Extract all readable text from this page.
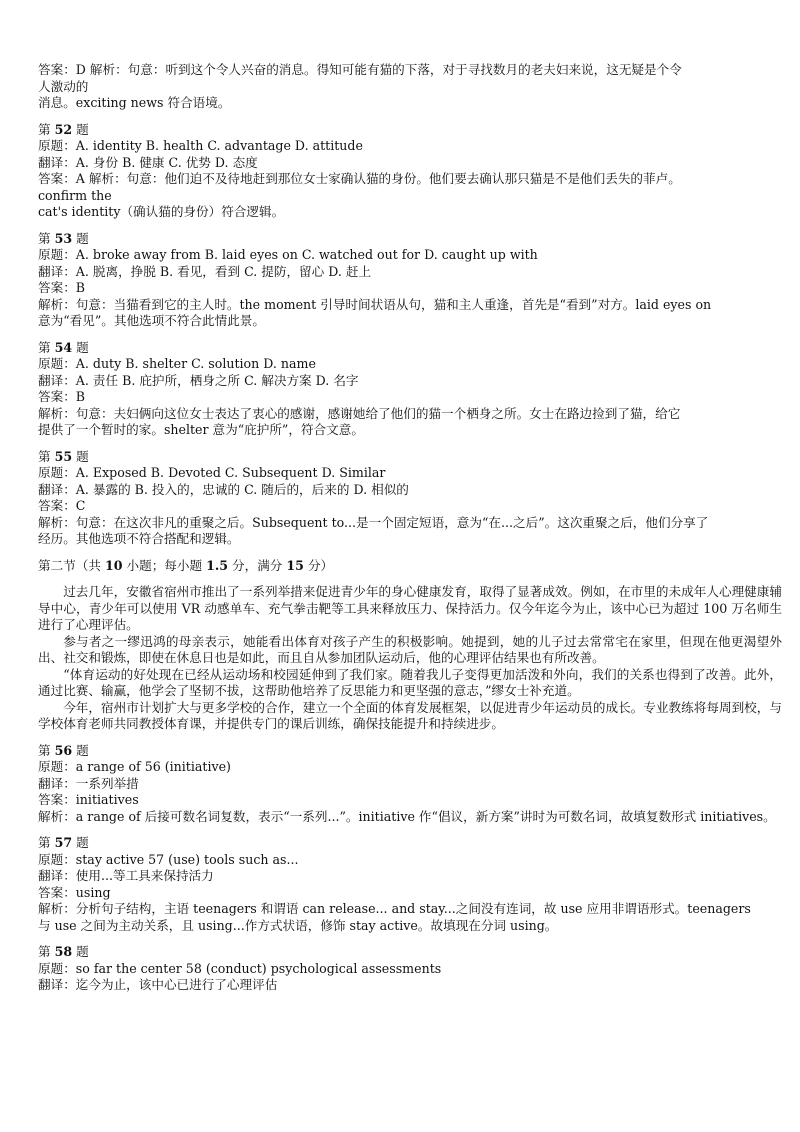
答案：D 解析：句意：听到这个令人兴奋的消息。得知可能有猫的下落，对于寻找数月的老夫妇来说，这无疑是个令

人激动的

消息。exciting news 符合语境。

第 52 题

原题：A. identity B. health C. advantage D. attitude

翻译：A. 身份 B. 健康 C. 优势 D. 态度

答案：A 解析：句意：他们迫不及待地赶到那位女士家确认猫的身份。他们要去确认那只猫是不是他们丢失的菲卢。

confirm the

cat's identity（确认猫的身份）符合逻辑。

第 53 题

原题：A. broke away from B. laid eyes on C. watched out for D. caught up with

翻译：A. 脱离，挣脱 B. 看见，看到 C. 提防，留心 D. 赶上

答案：B

解析：句意：当猫看到它的主人时。the moment 引导时间状语从句，猫和主人重逢，首先是“看到”对方。laid eyes on

意为“看见”。其他选项不符合此情此景。

第 54 题

原题：A. duty B. shelter C. solution D. name

翻译：A. 责任 B. 庇护所，栖身之所 C. 解决方案 D. 名字

答案：B

解析：句意：夫妇俩向这位女士表达了衷心的感谢，感谢她给了他们的猫一个栖身之所。女士在路边捡到了猫，给它

提供了一个暂时的家。shelter 意为“庇护所”，符合文意。

第 55 题

原题：A. Exposed B. Devoted C. Subsequent D. Similar

翻译：A. 暴露的 B. 投入的，忠诚的 C. 随后的，后来的 D. 相似的

答案：C

解析：句意：在这次非凡的重聚之后。Subsequent to...是一个固定短语，意为“在...之后”。这次重聚之后，他们分享了

经历。其他选项不符合搭配和逻辑。

第二节（共 10 小题；每小题 1.5 分，满分 15 分）

过去几年，安徽省宿州市推出了一系列举措来促进青少年的身心健康发育，取得了显著成效。例如，在市里的未成年人心理健康辅导中心，青少年可以使用 VR 动感单车、充气拳击靶等工具来释放压力、保持活力。仅今年迄今为止，该中心已为超过 100 万名师生进行了心理评估。

参与者之一缪迅鸿的母亲表示，她能看出体育对孩子产生的积极影响。她提到，她的儿子过去常常宅在家里，但现在他更渴望外出、社交和锻炼，即使在休息日也是如此，而且自从参加团队运动后，他的心理评估结果也有所改善。

“体育运动的好处现在已经从运动场和校园延伸到了我们家。随着我儿子变得更加活泼和外向，我们的关系也得到了改善。此外，通过比赛、输赢，他学会了坚韧不拔，这帮助他培养了反思能力和更坚强的意志，”缪女士补充道。

今年，宿州市计划扩大与更多学校的合作，建立一个全面的体育发展框架，以促进青少年运动员的成长。专业教练将每周到校，与学校体育老师共同教授体育课，并提供专门的课后训练，确保技能提升和持续进步。

第 56 题

原题：a range of 56 (initiative)

翻译：一系列举措

答案：initiatives

解析：a range of 后接可数名词复数，表示“一系列...”。initiative 作“倡议，新方案”讲时为可数名词，故填复数形式 initiatives。

第 57 题

原题：stay active 57 (use) tools such as...

翻译：使用...等工具来保持活力

答案：using

解析：分析句子结构，主语 teenagers 和谓语 can release... and stay...之间没有连词，故 use 应用非谓语形式。teenagers

与 use 之间为主动关系，且 using...作方式状语，修饰 stay active。故填现在分词 using。

第 58 题

原题：so far the center 58 (conduct) psychological assessments

翻译：迄今为止，该中心已进行了心理评估
